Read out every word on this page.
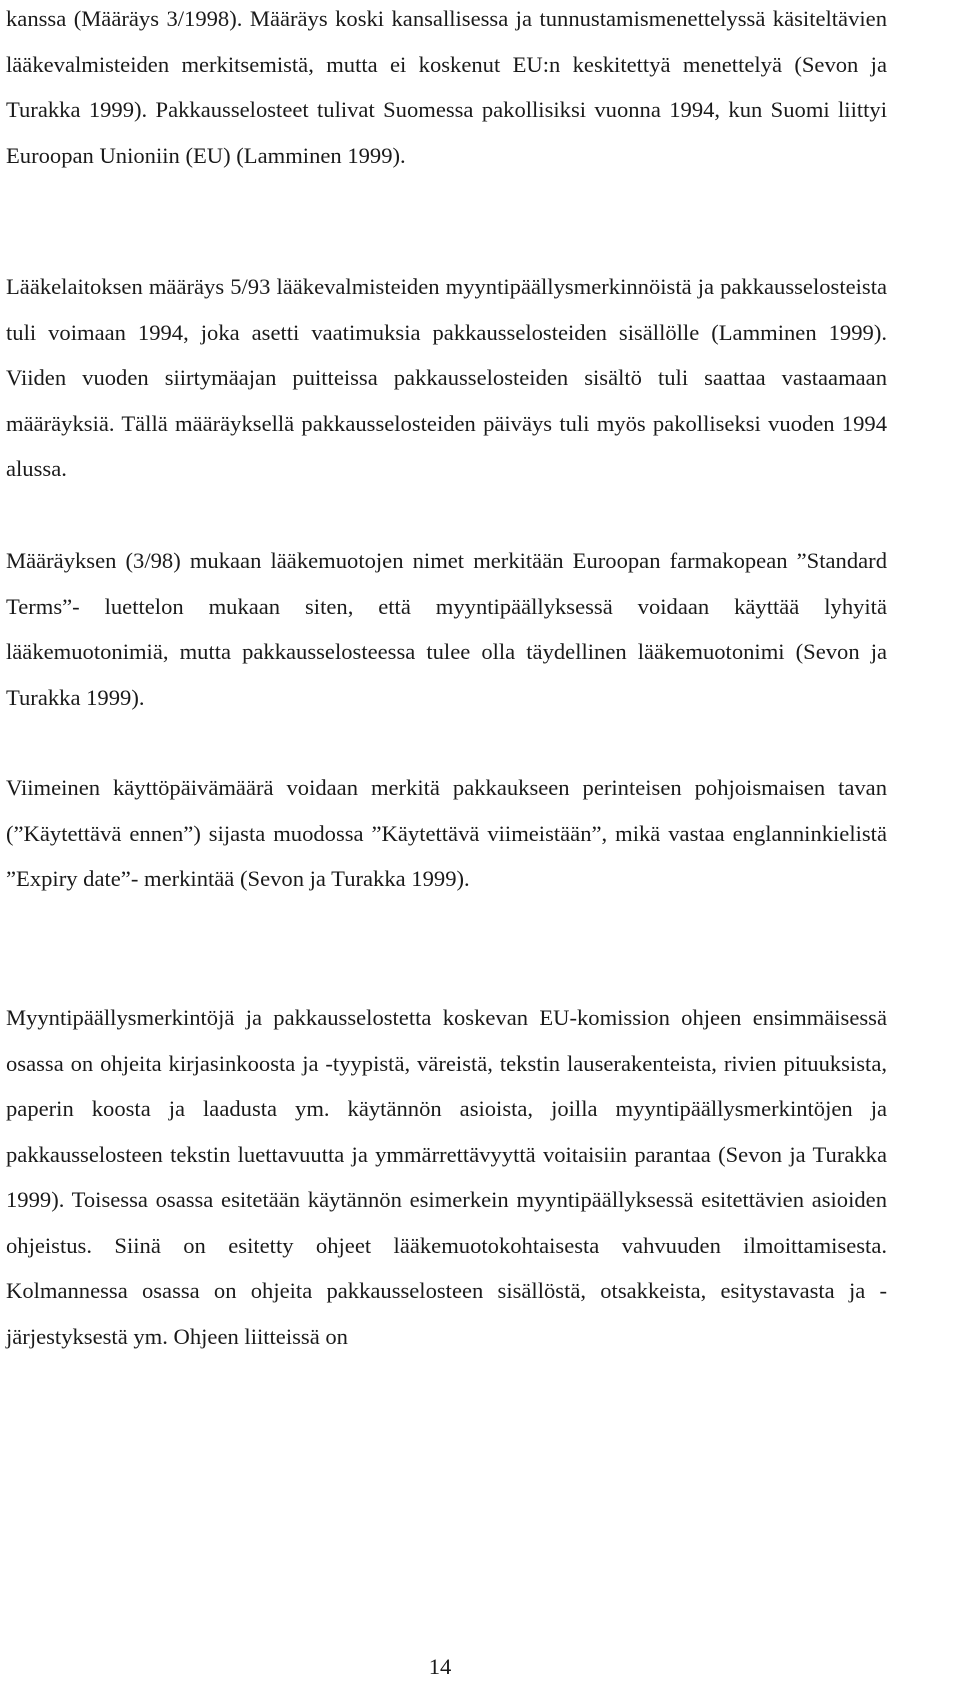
kanssa (Määräys 3/1998). Määräys koski kansallisessa ja tunnustamismenettelyssä käsiteltävien lääkevalmisteiden merkitsemistä, mutta ei koskenut EU:n keskitettyä menettelyä (Sevon ja Turakka 1999). Pakkausselosteet tulivat Suomessa pakollisiksi vuonna 1994, kun Suomi liittyi Euroopan Unioniin (EU) (Lamminen 1999).

Lääkelaitoksen määräys 5/93 lääkevalmisteiden myyntipäällysmerkinnöistä ja pakkausselosteista tuli voimaan 1994, joka asetti vaatimuksia pakkausselosteiden sisällölle (Lamminen 1999). Viiden vuoden siirtymäajan puitteissa pakkausselosteiden sisältö tuli saattaa vastaamaan määräyksiä. Tällä määräyksellä pakkausselosteiden päiväys tuli myös pakolliseksi vuoden 1994 alussa.

Määräyksen (3/98) mukaan lääkemuotojen nimet merkitään Euroopan farmakopean ”Standard Terms”- luettelon mukaan siten, että myyntipäällyksessä voidaan käyttää lyhyitä lääkemuotonimiä, mutta pakkausselosteessa tulee olla täydellinen lääkemuotonimi (Sevon ja Turakka 1999).

Viimeinen käyttöpäivämäärä voidaan merkitä pakkaukseen perinteisen pohjoismaisen tavan (”Käytettävä ennen”) sijasta muodossa ”Käytettävä viimeistään”, mikä vastaa englanninkielistä ”Expiry date”- merkintää (Sevon ja Turakka 1999).

Myyntipäällysmerkintöjä ja pakkausselostetta koskevan EU-komission ohjeen ensimmäisessä osassa on ohjeita kirjasinkoosta ja -tyypistä, väreistä, tekstin lauserakenteista, rivien pituuksista, paperin koosta ja laadusta ym. käytännön asioista, joilla myyntipäällysmerkintöjen ja pakkausselosteen tekstin luettavuutta ja ymmärrettävyyttä voitaisiin parantaa (Sevon ja Turakka 1999). Toisessa osassa esitetään käytännön esimerkein myyntipäällyksessä esitettävien asioiden ohjeistus. Siinä on esitetty ohjeet lääkemuotokohtaisesta vahvuuden ilmoittamisesta. Kolmannessa osassa on ohjeita pakkausselosteen sisällöstä, otsakkeista, esitystavasta ja -järjestyksestä ym. Ohjeen liitteissä on

14
